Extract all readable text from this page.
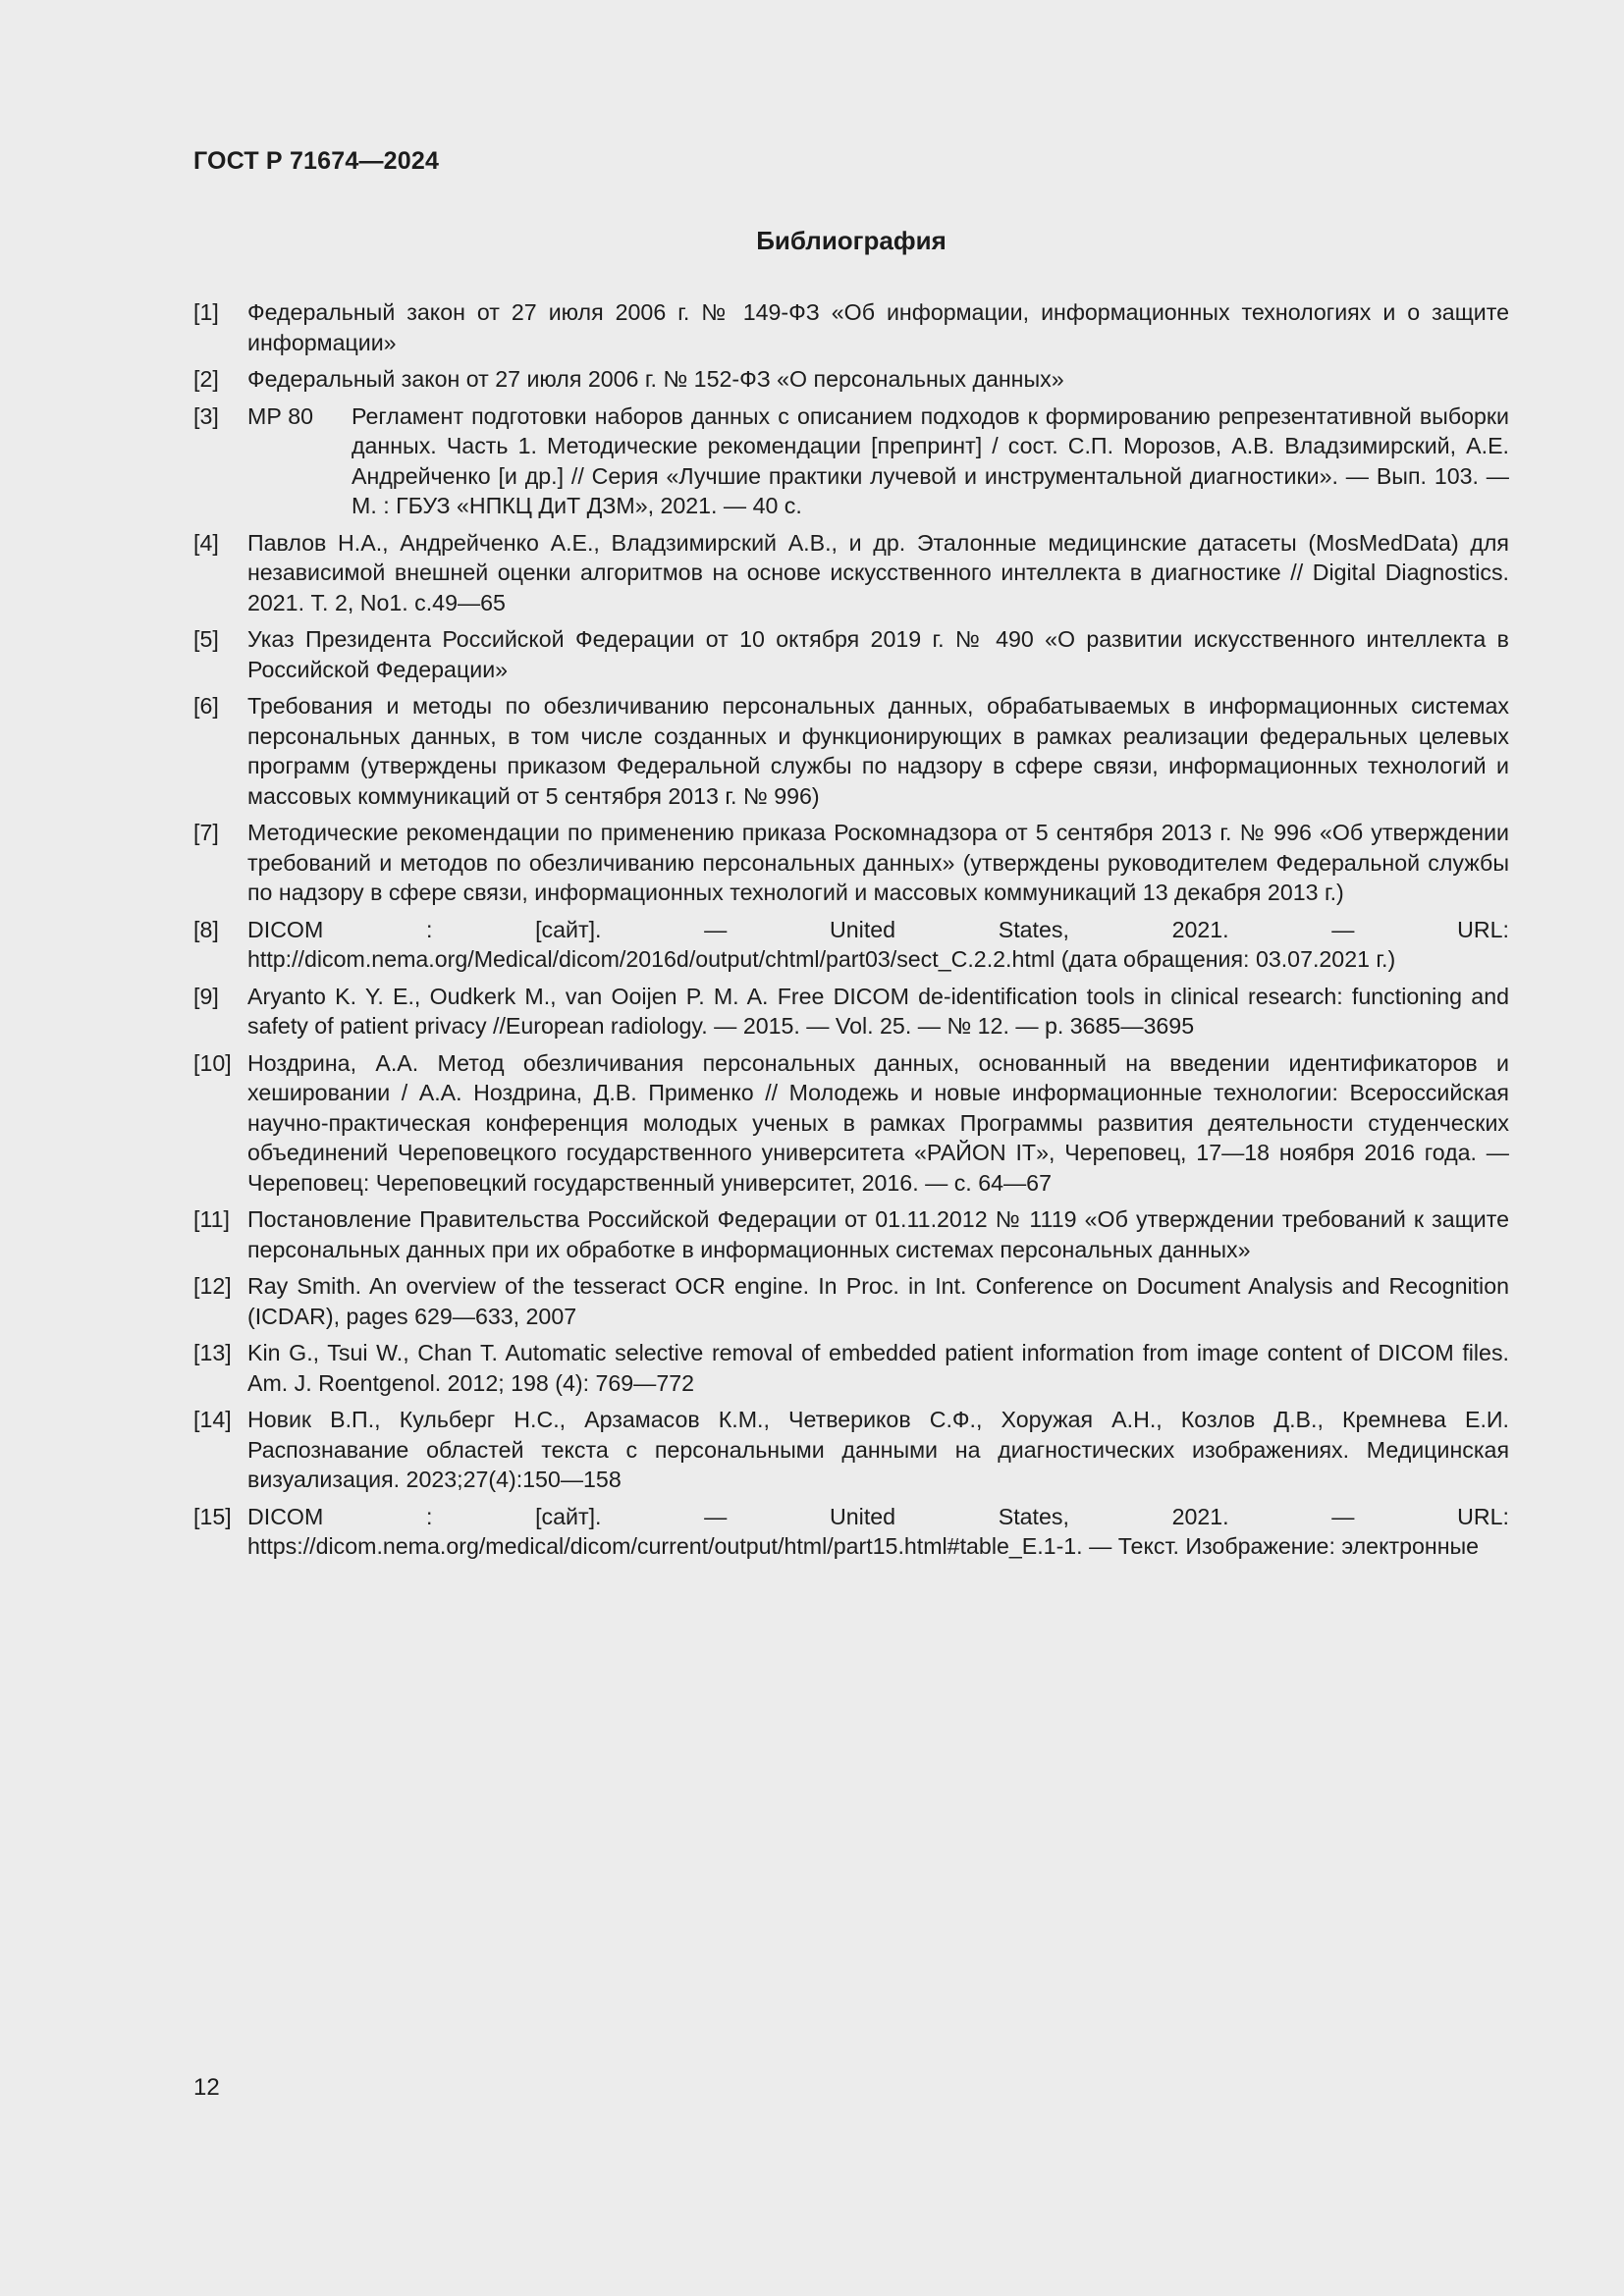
ГОСТ Р 71674—2024
Библиография
[1]	Федеральный закон от 27 июля 2006 г. № 149-ФЗ «Об информации, информационных технологиях и о защите информации»
[2]	Федеральный закон от 27 июля 2006 г. № 152-ФЗ «О персональных данных»
[3]	МР 80	Регламент подготовки наборов данных с описанием подходов к формированию репрезентативной выборки данных. Часть 1. Методические рекомендации [препринт] / сост. С.П. Морозов, А.В. Владзимирский, А.Е. Андрейченко [и др.] // Серия «Лучшие практики лучевой и инструментальной диагностики». — Вып. 103. — М. : ГБУЗ «НПКЦ ДиТ ДЗМ», 2021. — 40 с.
[4]	Павлов Н.А., Андрейченко А.Е., Владзимирский А.В., и др. Эталонные медицинские датасеты (MosMedData) для независимой внешней оценки алгоритмов на основе искусственного интеллекта в диагностике // Digital Diagnostics. 2021. Т. 2, No1. с.49—65
[5]	Указ Президента Российской Федерации от 10 октября 2019 г. № 490 «О развитии искусственного интеллекта в Российской Федерации»
[6]	Требования и методы по обезличиванию персональных данных, обрабатываемых в информационных системах персональных данных, в том числе созданных и функционирующих в рамках реализации федеральных целевых программ (утверждены приказом Федеральной службы по надзору в сфере связи, информационных технологий и массовых коммуникаций от 5 сентября 2013 г. № 996)
[7]	Методические рекомендации по применению приказа Роскомнадзора от 5 сентября 2013 г. № 996 «Об утверждении требований и методов по обезличиванию персональных данных» (утверждены руководителем Федеральной службы по надзору в сфере связи, информационных технологий и массовых коммуникаций 13 декабря 2013 г.)
[8]	DICOM : [сайт]. — United States, 2021. — URL: http://dicom.nema.org/Medical/dicom/2016d/output/chtml/part03/sect_C.2.2.html (дата обращения: 03.07.2021 г.)
[9]	Aryanto K. Y. E., Oudkerk M., van Ooijen P. M. A. Free DICOM de-identification tools in clinical research: functioning and safety of patient privacy //European radiology. — 2015. — Vol. 25. — № 12. — p. 3685—3695
[10] Ноздрина, А.А. Метод обезличивания персональных данных, основанный на введении идентификаторов и хешировании / А.А. Ноздрина, Д.В. Применко // Молодежь и новые информационные технологии: Всероссийская научно-практическая конференция молодых ученых в рамках Программы развития деятельности студенческих объединений Череповецкого государственного университета «РАЙON IT», Череповец, 17—18 ноября 2016 года. — Череповец: Череповецкий государственный университет, 2016. — с. 64—67
[11] Постановление Правительства Российской Федерации от 01.11.2012 № 1119 «Об утверждении требований к защите персональных данных при их обработке в информационных системах персональных данных»
[12] Ray Smith. An overview of the tesseract OCR engine. In Proc. in Int. Conference on Document Analysis and Recognition (ICDAR), pages 629—633, 2007
[13] Kin G., Tsui W., Chan T. Automatic selective removal of embedded patient information from image content of DICOM files. Am. J. Roentgenol. 2012; 198 (4): 769—772
[14] Новик В.П., Кульберг Н.С., Арзамасов К.М., Четвериков С.Ф., Хоружая А.Н., Козлов Д.В., Кремнева Е.И. Распознавание областей текста с персональными данными на диагностических изображениях. Медицинская визуализация. 2023;27(4):150—158
[15] DICOM : [сайт]. — United States, 2021. — URL: https://dicom.nema.org/medical/dicom/current/output/html/part15.html#table_E.1-1. — Текст. Изображение: электронные
12
